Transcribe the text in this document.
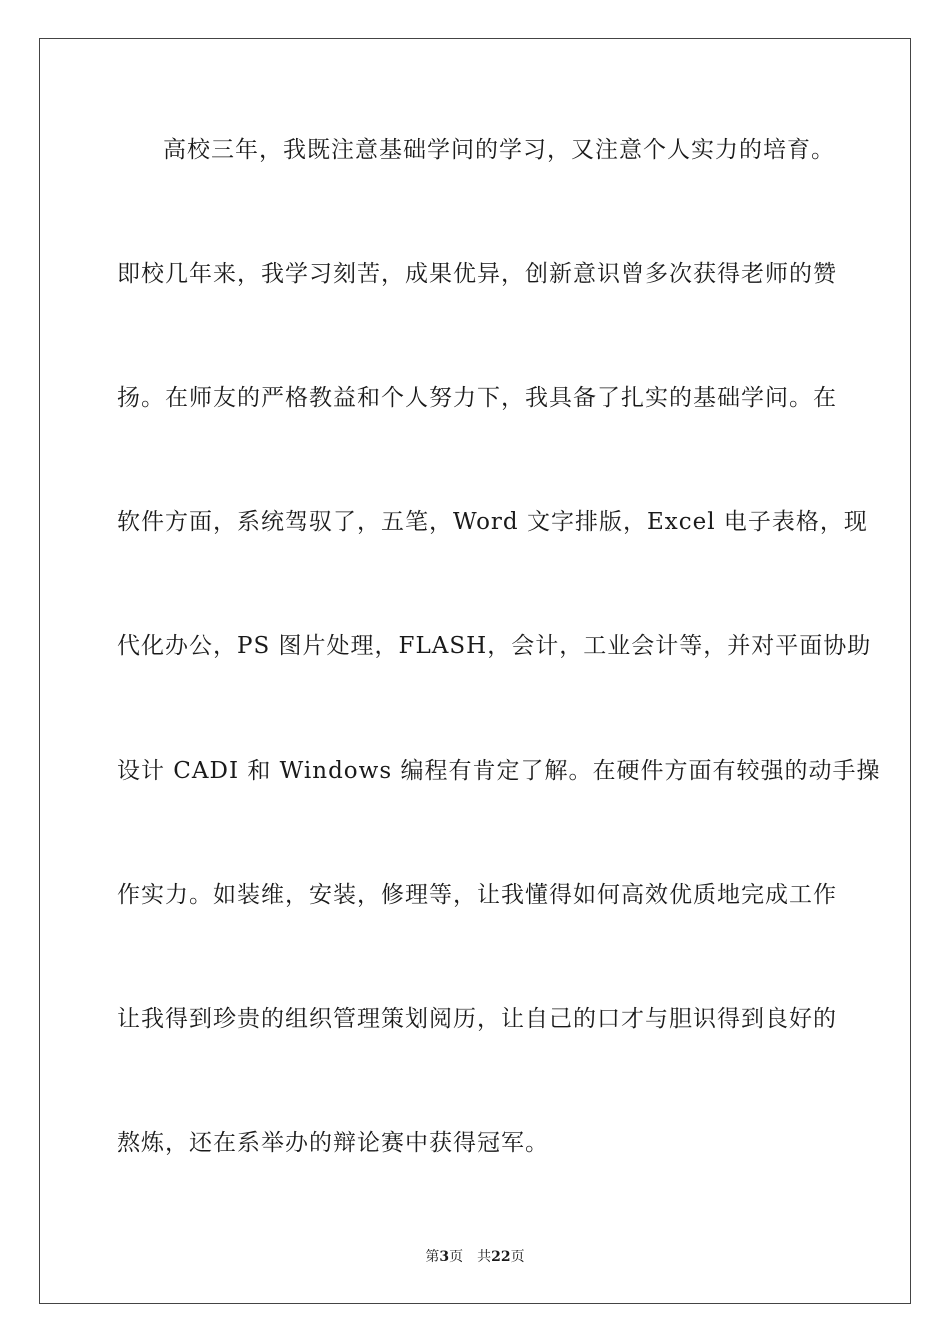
高校三年，我既注意基础学问的学习，又注意个人实力的培育。
即校几年来，我学习刻苦，成果优异，创新意识曾多次获得老师的赞
扬。在师友的严格教益和个人努力下，我具备了扎实的基础学问。在
软件方面，系统驾驭了，五笔，Word 文字排版，Excel 电子表格，现
代化办公，PS 图片处理，FLASH，会计，工业会计等，并对平面协助
设计 CADI 和 Windows 编程有肯定了解。在硬件方面有较强的动手操
作实力。如装维，安装，修理等，让我懂得如何高效优质地完成工作
让我得到珍贵的组织管理策划阅历，让自己的口才与胆识得到良好的
熬炼，还在系举办的辩论赛中获得冠军。
第3页 共22页
